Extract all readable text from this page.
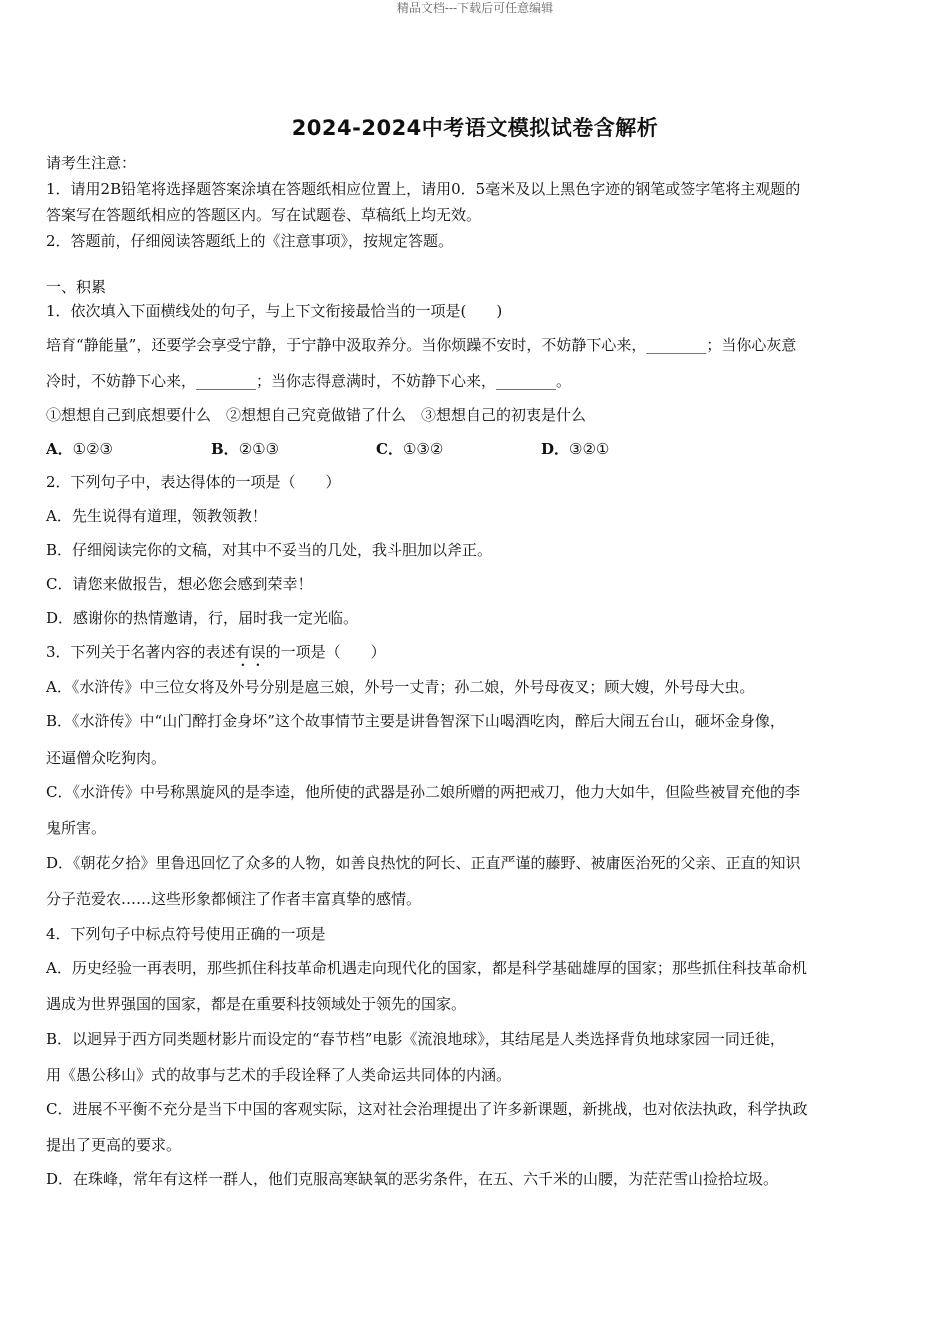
精品文档---下载后可任意编辑
2024-2024中考语文模拟试卷含解析
请考生注意：
1．请用2B铅笔将选择题答案涂填在答题纸相应位置上，请用0．5毫米及以上黑色字迹的钢笔或签字笔将主观题的
答案写在答题纸相应的答题区内。写在试题卷、草稿纸上均无效。
2．答题前，仔细阅读答题纸上的《注意事项》，按规定答题。
一、积累
1．依次填入下面横线处的句子，与上下文衔接最恰当的一项是(　　)
培育“静能量”，还要学会享受宁静，于宁静中汲取养分。当你烦躁不安时，不妨静下心来，________；当你心灰意
冷时，不妨静下心来，________；当你志得意满时，不妨静下心来，________。
①想想自己到底想要什么　②想想自己究竟做错了什么　③想想自己的初衷是什么
A．①②③	B．②①③	C．①③②	D．③②①
2．下列句子中，表达得体的一项是（　　）
A．先生说得有道理，领教领教！
B．仔细阅读完你的文稿，对其中不妥当的几处，我斗胆加以斧正。
C．请您来做报告，想必您会感到荣幸！
D．感谢你的热情邀请，行，届时我一定光临。
3．下列关于名著内容的表述有误的一项是（　　）
A．《水浒传》中三位女将及外号分别是扈三娘，外号一丈青；孙二娘，外号母夜叉；顾大嫂，外号母大虫。
B．《水浒传》中“山门醉打金身坏”这个故事情节主要是讲鲁智深下山喝酒吃肉，醉后大闹五台山，砸坏金身像，
还逼僧众吃狗肉。
C．《水浒传》中号称黑旋风的是李逵，他所使的武器是孙二娘所赠的两把戒刀，他力大如牛，但险些被冒充他的李
鬼所害。
D．《朝花夕拾》里鲁迅回忆了众多的人物，如善良热忱的阿长、正直严谨的藤野、被庸医治死的父亲、正直的知识
分子范爱农……这些形象都倾注了作者丰富真挚的感情。
4．下列句子中标点符号使用正确的一项是
A．历史经验一再表明，那些抓住科技革命机遇走向现代化的国家，都是科学基础雄厚的国家；那些抓住科技革命机
遇成为世界强国的国家，都是在重要科技领域处于领先的国家。
B．以迥异于西方同类题材影片而设定的“春节档”电影《流浪地球》，其结尾是人类选择背负地球家园一同迁徙，
用《愚公移山》式的故事与艺术的手段诠释了人类命运共同体的内涵。
C．进展不平衡不充分是当下中国的客观实际，这对社会治理提出了许多新课题，新挑战，也对依法执政，科学执政
提出了更高的要求。
D．在珠峰，常年有这样一群人，他们克服高寒缺氧的恶劣条件，在五、六千米的山腰，为茫茫雪山捡拾垃圾。
